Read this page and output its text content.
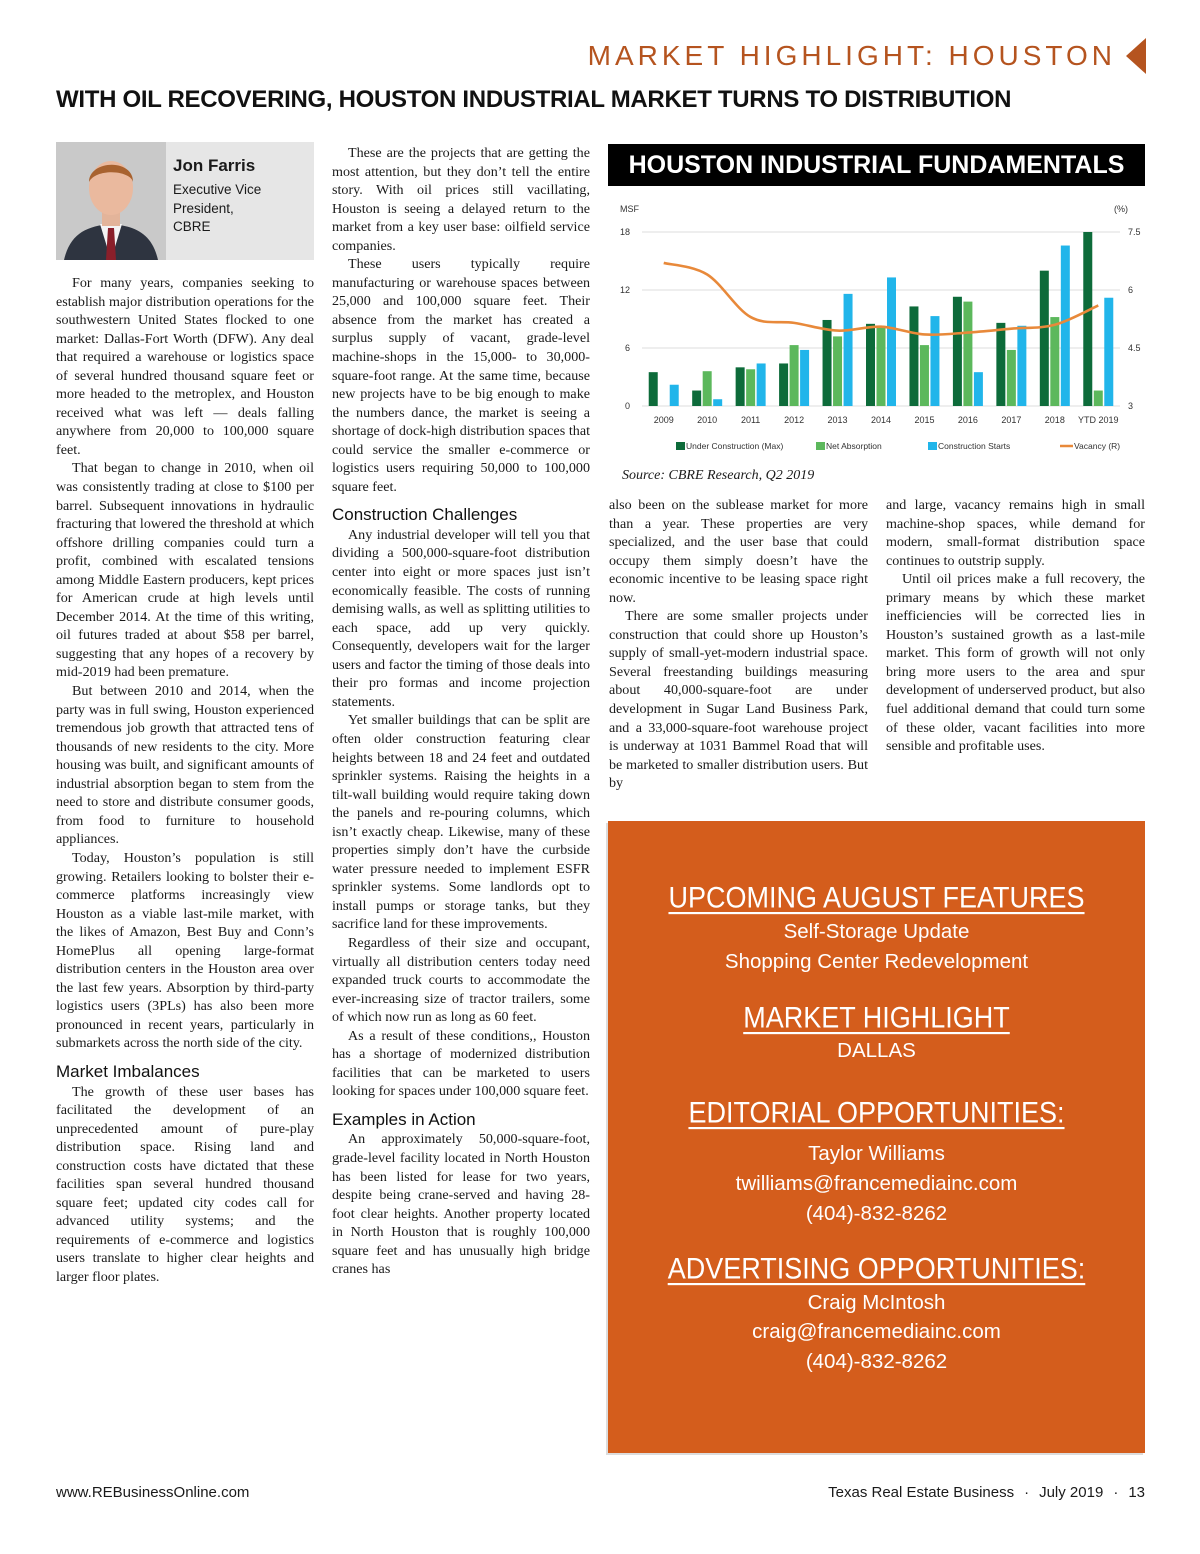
MARKET HIGHLIGHT: HOUSTON
WITH OIL RECOVERING, HOUSTON INDUSTRIAL MARKET TURNS TO DISTRIBUTION
Jon Farris
Executive Vice
President,
CBRE

For many years, companies seeking to establish major distribution operations for the southwestern United States flocked to one market: Dallas-Fort Worth (DFW). Any deal that required a warehouse or logistics space of several hundred thousand square feet or more headed to the metroplex, and Houston received what was left — deals falling anywhere from 20,000 to 100,000 square feet.

That began to change in 2010, when oil was consistently trading at close to $100 per barrel. Subsequent innovations in hydraulic fracturing that lowered the threshold at which offshore drilling companies could turn a profit, combined with escalated tensions among Middle Eastern producers, kept prices for American crude at high levels until December 2014. At the time of this writing, oil futures traded at about $58 per barrel, suggesting that any hopes of a recovery by mid-2019 had been premature.

But between 2010 and 2014, when the party was in full swing, Houston experienced tremendous job growth that attracted tens of thousands of new residents to the city. More housing was built, and significant amounts of industrial absorption began to stem from the need to store and distribute consumer goods, from food to furniture to household appliances.

Today, Houston’s population is still growing. Retailers looking to bolster their e-commerce platforms increasingly view Houston as a viable last-mile market, with the likes of Amazon, Best Buy and Conn’s HomePlus all opening large-format distribution centers in the Houston area over the last few years. Absorption by third-party logistics users (3PLs) has also been more pronounced in recent years, particularly in submarkets across the north side of the city.

Market Imbalances

The growth of these user bases has facilitated the development of an unprecedented amount of pure-play distribution space. Rising land and construction costs have dictated that these facilities span several hundred thousand square feet; updated city codes call for advanced utility systems; and the requirements of e-commerce and logistics users translate to higher clear heights and larger floor plates.

These are the projects that are getting the most attention, but they don’t tell the entire story. With oil prices still vacillating, Houston is seeing a delayed return to the market from a key user base: oilfield service companies.

These users typically require manufacturing or warehouse spaces between 25,000 and 100,000 square feet. Their absence from the market has created a surplus supply of vacant, grade-level machine-shops in the 15,000- to 30,000-square-foot range. At the same time, because new projects have to be big enough to make the numbers dance, the market is seeing a shortage of dock-high distribution spaces that could service the smaller e-commerce or logistics users requiring 50,000 to 100,000 square feet.

Construction Challenges

Any industrial developer will tell you that dividing a 500,000-square-foot distribution center into eight or more spaces just isn’t economically feasible. The costs of running demising walls, as well as splitting utilities to each space, add up very quickly. Consequently, developers wait for the larger users and factor the timing of those deals into their pro formas and income projection statements.

Yet smaller buildings that can be split are often older construction featuring clear heights between 18 and 24 feet and outdated sprinkler systems. Raising the heights in a tilt-wall building would require taking down the panels and re-pouring columns, which isn’t exactly cheap. Likewise, many of these properties simply don’t have the curbside water pressure needed to implement ESFR sprinkler systems. Some landlords opt to install pumps or storage tanks, but they sacrifice land for these improvements.

Regardless of their size and occupant, virtually all distribution centers today need expanded truck courts to accommodate the ever-increasing size of tractor trailers, some of which now run as long as 60 feet.

As a result of these conditions,, Houston has a shortage of modernized distribution facilities that can be marketed to users looking for spaces under 100,000 square feet.

Examples in Action

An approximately 50,000-square-foot, grade-level facility located in North Houston has been listed for lease for two years, despite being crane-served and having 28-foot clear heights. Another property located in North Houston that is roughly 100,000 square feet and has unusually high bridge cranes has

HOUSTON INDUSTRIAL FUNDAMENTALS
MSF	(%)
0
6
12
18
3
4.5
6
7.5
2009	2010	2011	2012	2013	2014	2015	2016	2017	2018 YTD 2019
Under Construction (Max)	Net Absorption	Construction Starts	Vacancy (R)
Source: CBRE Research, Q2 2019

also been on the sublease market for more than a year. These properties are very specialized, and the user base that could occupy them simply doesn’t have the economic incentive to be leasing space right now.

There are some smaller projects under construction that could shore up Houston’s supply of small-yet-modern industrial space. Several freestanding buildings measuring about 40,000-square-foot are under development in Sugar Land Business Park, and a 33,000-square-foot warehouse project is underway at 1031 Bammel Road that will be marketed to smaller distribution users. But by

and large, vacancy remains high in small machine-shop spaces, while demand for modern, small-format distribution space continues to outstrip supply.

Until oil prices make a full recovery, the primary means by which these market inefficiencies will be corrected lies in Houston’s sustained growth as a last-mile market. This form of growth will not only bring more users to the area and spur development of underserved product, but also fuel additional demand that could turn some of these older, vacant facilities into more sensible and profitable uses.

UPCOMING AUGUST FEATURES
Self-Storage Update
Shopping Center Redevelopment
MARKET HIGHLIGHT
DALLAS
EDITORIAL OPPORTUNITIES:
Taylor Williams
twilliams@francemediainc.com
(404)-832-8262
ADVERTISING OPPORTUNITIES:
Craig McIntosh
craig@francemediainc.com
(404)-832-8262
www.REBusinessOnline.com	Texas Real Estate Business · July 2019 · 13
